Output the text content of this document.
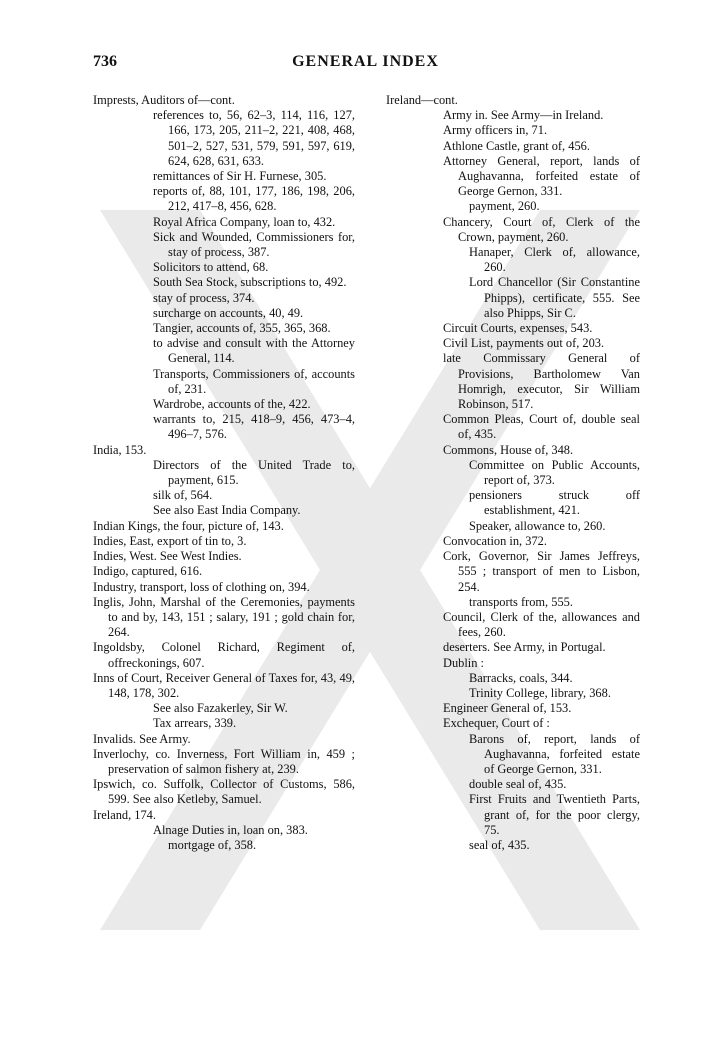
736	GENERAL INDEX
Imprests, Auditors of—cont.
references to, 56, 62–3, 114, 116, 127, 166, 173, 205, 211–2, 221, 408, 468, 501–2, 527, 531, 579, 591, 597, 619, 624, 628, 631, 633.
remittances of Sir H. Furnese, 305.
reports of, 88, 101, 177, 186, 198, 206, 212, 417–8, 456, 628.
Royal Africa Company, loan to, 432.
Sick and Wounded, Commissioners for, stay of process, 387.
Solicitors to attend, 68.
South Sea Stock, subscriptions to, 492.
stay of process, 374.
surcharge on accounts, 40, 49.
Tangier, accounts of, 355, 365, 368.
to advise and consult with the Attorney General, 114.
Transports, Commissioners of, accounts of, 231.
Wardrobe, accounts of the, 422.
warrants to, 215, 418–9, 456, 473–4, 496–7, 576.
India, 153.
Directors of the United Trade to, payment, 615.
silk of, 564.
See also East India Company.
Indian Kings, the four, picture of, 143.
Indies, East, export of tin to, 3.
Indies, West. See West Indies.
Indigo, captured, 616.
Industry, transport, loss of clothing on, 394.
Inglis, John, Marshal of the Ceremonies, payments to and by, 143, 151 ; salary, 191 ; gold chain for, 264.
Ingoldsby, Colonel Richard, Regiment of, offreckonings, 607.
Inns of Court, Receiver General of Taxes for, 43, 49, 148, 178, 302.
See also Fazakerley, Sir W.
Tax arrears, 339.
Invalids. See Army.
Inverlochy, co. Inverness, Fort William in, 459 ; preservation of salmon fishery at, 239.
Ipswich, co. Suffolk, Collector of Customs, 586, 599. See also Ketleby, Samuel.
Ireland, 174.
Alnage Duties in, loan on, 383.
mortgage of, 358.
Ireland—cont.
Army in. See Army—in Ireland.
Army officers in, 71.
Athlone Castle, grant of, 456.
Attorney General, report, lands of Aughavanna, forfeited estate of George Gernon, 331.
payment, 260.
Chancery, Court of, Clerk of the Crown, payment, 260.
Hanaper, Clerk of, allowance, 260.
Lord Chancellor (Sir Constantine Phipps), certificate, 555. See also Phipps, Sir C.
Circuit Courts, expenses, 543.
Civil List, payments out of, 203.
late Commissary General of Provisions, Bartholomew Van Homrigh, executor, Sir William Robinson, 517.
Common Pleas, Court of, double seal of, 435.
Commons, House of, 348.
Committee on Public Accounts, report of, 373.
pensioners struck off establishment, 421.
Speaker, allowance to, 260.
Convocation in, 372.
Cork, Governor, Sir James Jeffreys, 555 ; transport of men to Lisbon, 254.
transports from, 555.
Council, Clerk of the, allowances and fees, 260.
deserters. See Army, in Portugal.
Dublin :
Barracks, coals, 344.
Trinity College, library, 368.
Engineer General of, 153.
Exchequer, Court of :
Barons of, report, lands of Aughavanna, forfeited estate of George Gernon, 331.
double seal of, 435.
First Fruits and Twentieth Parts, grant of, for the poor clergy, 75.
seal of, 435.
